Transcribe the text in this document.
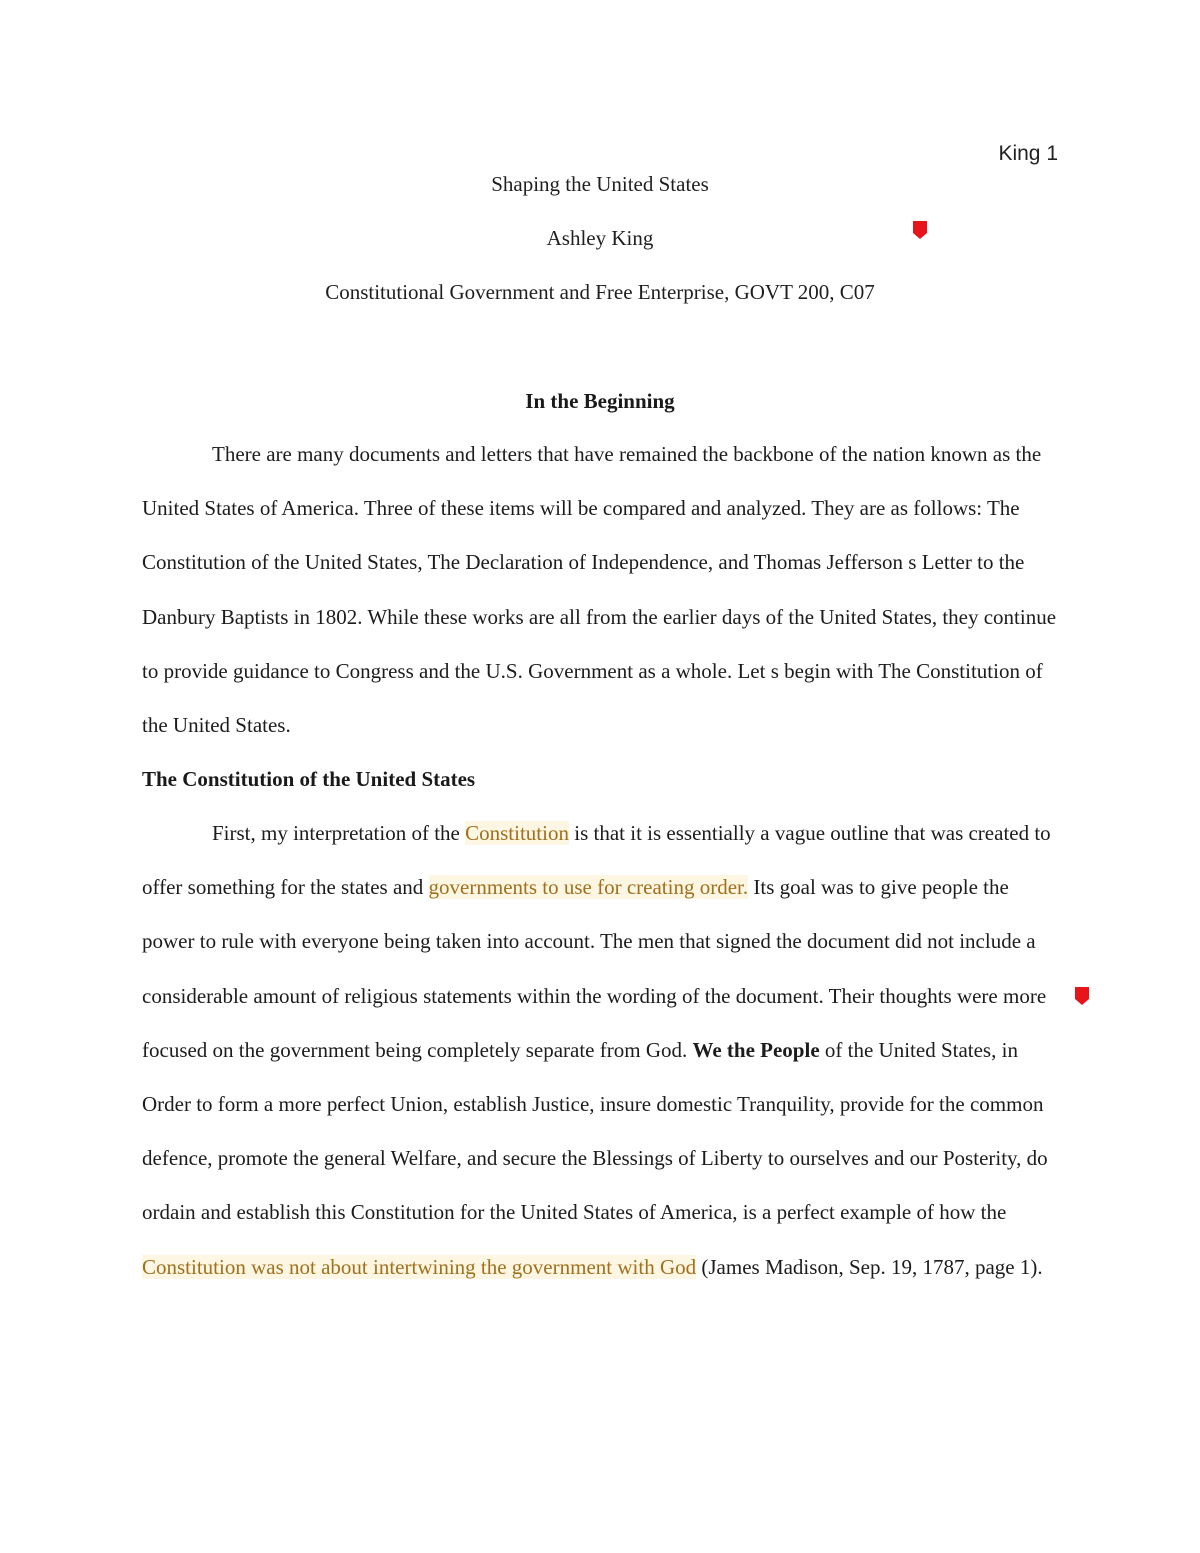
King 1
Shaping the United States
Ashley King
Constitutional Government and Free Enterprise, GOVT 200, C07
In the Beginning

There are many documents and letters that have remained the backbone of the nation known as the United States of America. Three of these items will be compared and analyzed. They are as follows: The Constitution of the United States, The Declaration of Independence, and Thomas Jefferson s Letter to the Danbury Baptists in 1802. While these works are all from the earlier days of the United States, they continue to provide guidance to Congress and the U.S. Government as a whole. Let s begin with The Constitution of the United States.

The Constitution of the United States

First, my interpretation of the Constitution is that it is essentially a vague outline that was created to offer something for the states and governments to use for creating order. Its goal was to give people the power to rule with everyone being taken into account. The men that signed the document did not include a considerable amount of religious statements within the wording of the document. Their thoughts were more focused on the government being completely separate from God. We the People of the United States, in Order to form a more perfect Union, establish Justice, insure domestic Tranquility, provide for the common defence, promote the general Welfare, and secure the Blessings of Liberty to ourselves and our Posterity, do ordain and establish this Constitution for the United States of America, is a perfect example of how the Constitution was not about intertwining the government with God (James Madison, Sep. 19, 1787, page 1).
